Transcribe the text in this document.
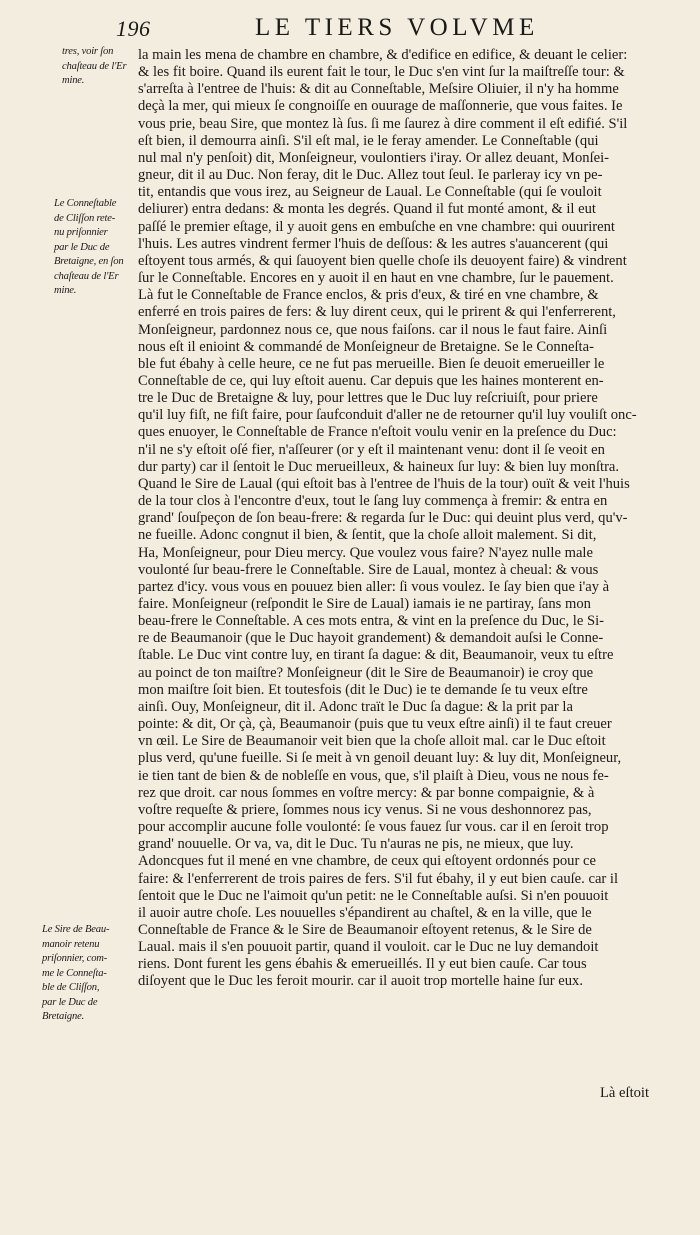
196	LE TIERS VOLVME
tres, voir ſon
chaſteau de l'Er
mine.
Le Conneſtable
de Cliſſon rete-
nu priſonnier
par le Duc de
Bretaigne, en ſon
chaſteau de l'Er
mine.
Le Sire de Beau-
manoir retenu
priſonnier, com-
me le Conneſta-
ble de Cliſſon,
par le Duc de
Bretaigne.
la main les mena de chambre en chambre, & d'edifice en edifice, & deuant le celier:
& les fit boire. Quand ils eurent fait le tour, le Duc s'en vint ſur la maiſtreſſe tour: &
s'arreſta à l'entree de l'huis: & dit au Conneſtable, Meſsire Oliuier, il n'y ha homme
deçà la mer, qui mieux ſe congnoiſſe en ouurage de maſſonnerie, que vous faites. Ie
vous prie, beau Sire, que montez là ſus. ſi me ſaurez à dire comment il eſt edifié. S'il
eſt bien, il demourra ainſi. S'il eſt mal, ie le feray amender. Le Conneſtable (qui
nul mal n'y penſoit) dit, Monſeigneur, voulontiers i'iray. Or allez deuant, Monſei-
gneur, dit il au Duc. Non feray, dit le Duc. Allez tout ſeul. Ie parleray icy vn pe-
tit, entandis que vous irez, au Seigneur de Laual. Le Conneſtable (qui ſe vouloit
deliurer) entra dedans: & monta les degrés. Quand il fut monté amont, & il eut
paſſé le premier eſtage, il y auoit gens en embuſche en vne chambre: qui ouurirent
l'huis. Les autres vindrent fermer l'huis de deſſous: & les autres s'auancerent (qui
eſtoyent tous armés, & qui ſauoyent bien quelle choſe ils deuoyent faire) & vindrent
ſur le Conneſtable. Encores en y auoit il en haut en vne chambre, ſur le pauement.
Là fut le Conneſtable de France enclos, & pris d'eux, & tiré en vne chambre, &
enferré en trois paires de fers: & luy dirent ceux, qui le prirent & qui l'enferrerent,
Monſeigneur, pardonnez nous ce, que nous faiſons. car il nous le faut faire. Ainſi
nous eſt il enioint & commandé de Monſeigneur de Bretaigne. Se le Conneſta-
ble fut ébahy à celle heure, ce ne fut pas merueille. Bien ſe deuoit emerueiller le
Conneſtable de ce, qui luy eſtoit auenu. Car depuis que les haines monterent en-
tre le Duc de Bretaigne & luy, pour lettres que le Duc luy reſcriuiſt, pour priere
qu'il luy fiſt, ne fiſt faire, pour ſaufconduit d'aller ne de retourner qu'il luy vouliſt onc-
ques enuoyer, le Conneſtable de France n'eſtoit voulu venir en la preſence du Duc:
n'il ne s'y eſtoit oſé fier, n'aſſeurer (or y eſt il maintenant venu: dont il ſe veoit en
dur party) car il ſentoit le Duc merueilleux, & haineux ſur luy: & bien luy monſtra.
Quand le Sire de Laual (qui eſtoit bas à l'entree de l'huis de la tour) ouït & veit l'huis
de la tour clos à l'encontre d'eux, tout le ſang luy commença à fremir: & entra en
grand' ſouſpeçon de ſon beau-frere: & regarda ſur le Duc: qui deuint plus verd, qu'v-
ne fueille. Adonc congnut il bien, & ſentit, que la choſe alloit malement. Si dit,
Ha, Monſeigneur, pour Dieu mercy. Que voulez vous faire? N'ayez nulle male
voulonté ſur beau-frere le Conneſtable. Sire de Laual, montez à cheual: & vous
partez d'icy. vous vous en pouuez bien aller: ſi vous voulez. Ie ſay bien que i'ay à
faire. Monſeigneur (reſpondit le Sire de Laual) iamais ie ne partiray, ſans mon
beau-frere le Conneſtable. A ces mots entra, & vint en la preſence du Duc, le Si-
re de Beaumanoir (que le Duc hayoit grandement) & demandoit auſsi le Conne-
ſtable. Le Duc vint contre luy, en tirant ſa dague: & dit, Beaumanoir, veux tu eſtre
au poinct de ton maiſtre? Monſeigneur (dit le Sire de Beaumanoir) ie croy que
mon maiſtre ſoit bien. Et toutesfois (dit le Duc) ie te demande ſe tu veux eſtre
ainſi. Ouy, Monſeigneur, dit il. Adonc traït le Duc ſa dague: & la prit par la
pointe: & dit, Or çà, çà, Beaumanoir (puis que tu veux eſtre ainſi) il te faut creuer
vn œil. Le Sire de Beaumanoir veit bien que la choſe alloit mal. car le Duc eſtoit
plus verd, qu'une fueille. Si ſe meit à vn genoil deuant luy: & luy dit, Monſeigneur,
ie tien tant de bien & de nobleſſe en vous, que, s'il plaiſt à Dieu, vous ne nous fe-
rez que droit. car nous ſommes en voſtre mercy: & par bonne compaignie, & à
voſtre requeſte & priere, ſommes nous icy venus. Si ne vous deshonnorez pas,
pour accomplir aucune folle voulonté: ſe vous fauez ſur vous. car il en ſeroit trop
grand' nouuelle. Or va, va, dit le Duc. Tu n'auras ne pis, ne mieux, que luy.
Adoncques fut il mené en vne chambre, de ceux qui eſtoyent ordonnés pour ce
faire: & l'enferrerent de trois paires de fers. S'il fut ébahy, il y eut bien cauſe. car il
ſentoit que le Duc ne l'aimoit qu'un petit: ne le Conneſtable auſsi. Si n'en pouuoit
il auoir autre choſe. Les nouuelles s'épandirent au chaſtel, & en la ville, que le
Conneſtable de France & le Sire de Beaumanoir eſtoyent retenus, & le Sire de
Laual. mais il s'en pouuoit partir, quand il vouloit. car le Duc ne luy demandoit
riens. Dont furent les gens ébahis & emerueillés. Il y eut bien cauſe. Car tous
diſoyent que le Duc les feroit mourir. car il auoit trop mortelle haine ſur eux.
Là eſtoit
